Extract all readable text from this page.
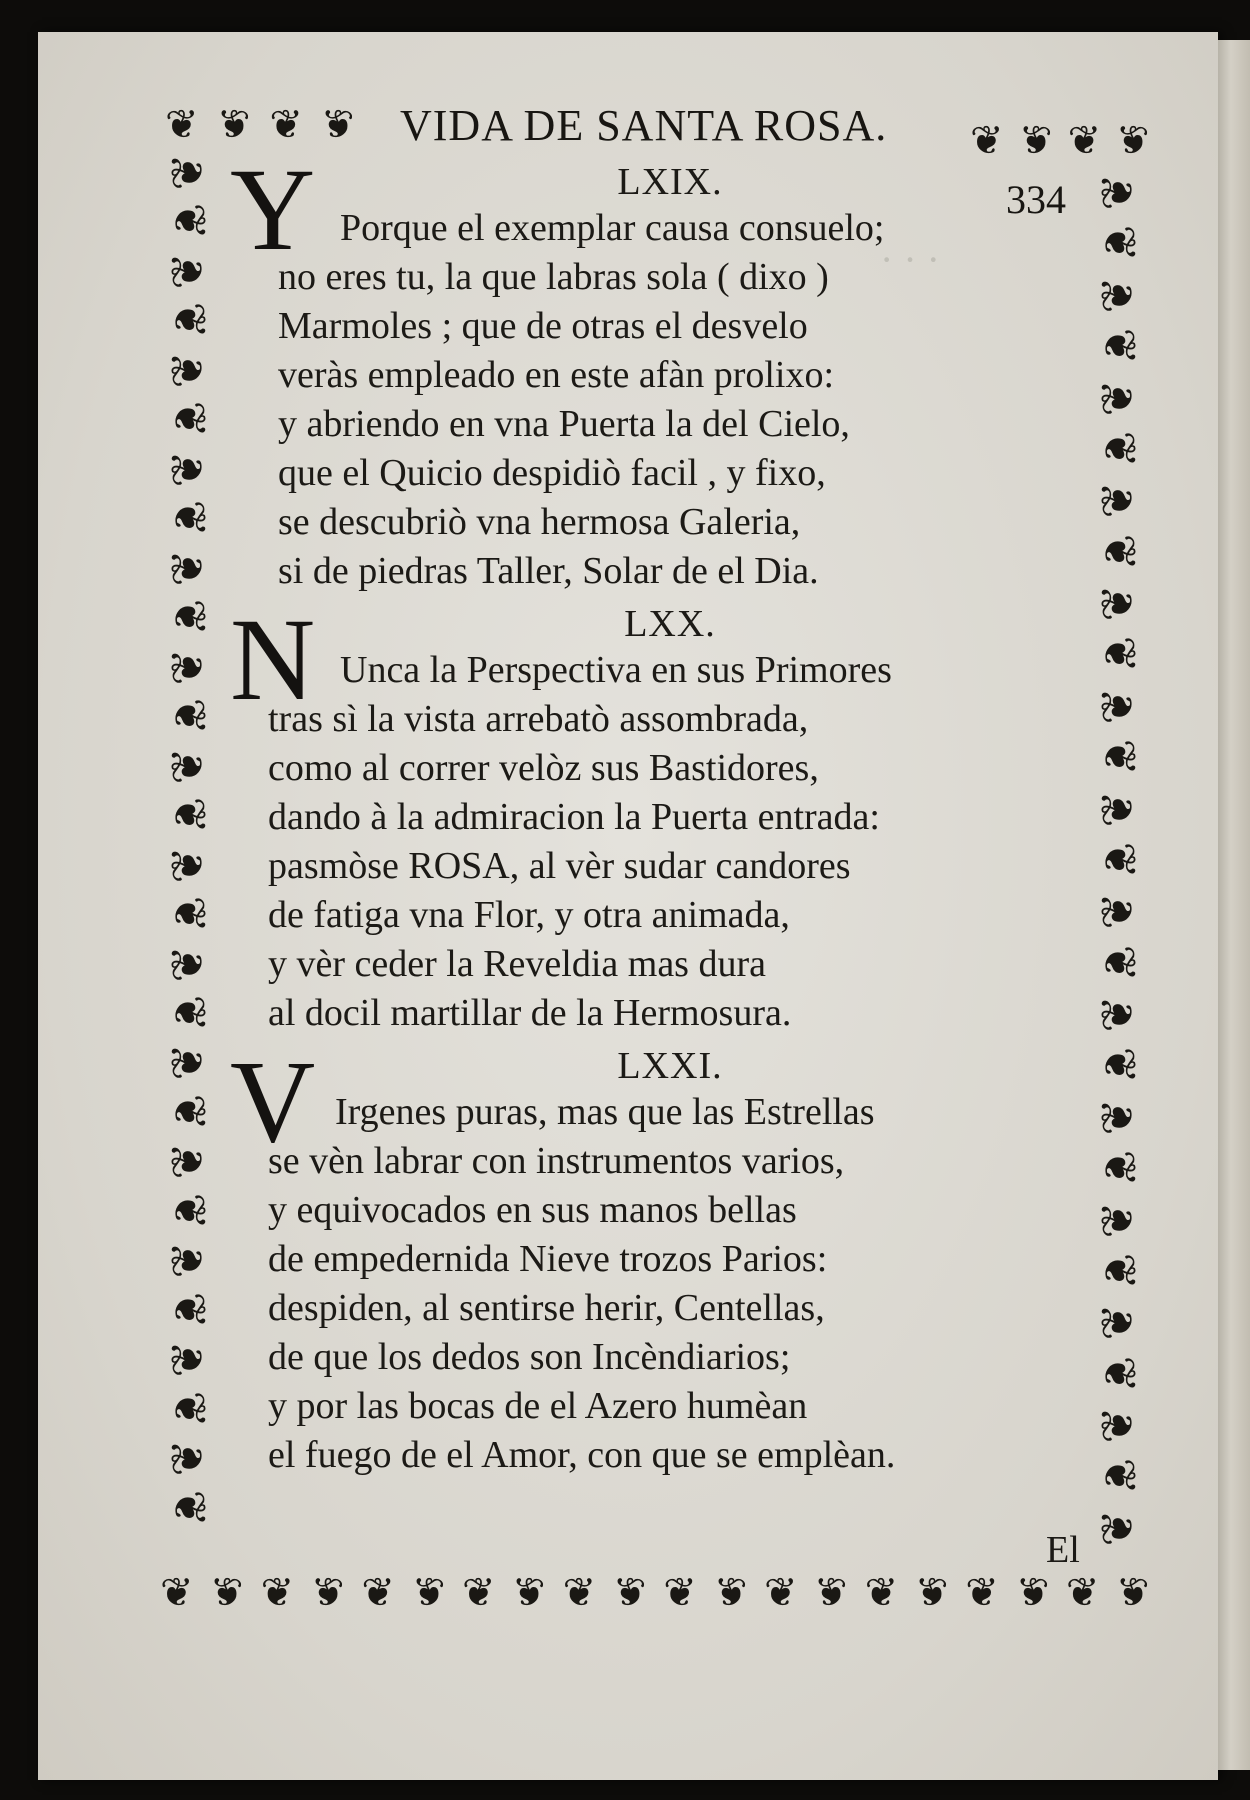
· · ·
VIDA DE SANTA ROSA.
334
❦ ❦ ❦ ❦	❦ ❦ ❦ ❦
❦
❦
❦
❦
❦
❦
❦
❦
❦
❦
❦
❦
❦
❦
❦
❦
❦
❦
❦
❦
❦
❦
❦
❦
❦
❦
❦
❦
❦
❦
❦
❦
❦
❦
❦
❦
❦
❦
❦
❦
❦
❦
❦
❦
❦
❦
❦
❦
❦
❦
❦
❦
❦
❦
❦
❦ ❦ ❦ ❦ ❦ ❦ ❦ ❦ ❦ ❦ ❦ ❦ ❦ ❦ ❦ ❦ ❦ ❦ ❦ ❦
LXIX.
Y Porque el exemplar causa consuelo;
no eres tu, la que labras sola ( dixo )
Marmoles ; que de otras el desvelo
veràs empleado en este afàn prolixo:
y abriendo en vna Puerta la del Cielo,
que el Quicio despidiò facil , y fixo,
se descubriò vna hermosa Galeria,
si de piedras Taller, Solar de el Dia.
LXX.
N Unca la Perspectiva en sus Primores
tras sì la vista arrebatò assombrada,
como al correr velòz sus Bastidores,
dando à la admiracion la Puerta entrada:
pasmòse ROSA, al vèr sudar candores
de fatiga vna Flor, y otra animada,
y vèr ceder la Reveldia mas dura
al docil martillar de la Hermosura.
LXXI.
V Irgenes puras, mas que las Estrellas
se vèn labrar con instrumentos varios,
y equivocados en sus manos bellas
de empedernida Nieve trozos Parios:
despiden, al sentirse herir, Centellas,
de que los dedos son Incèndiarios;
y por las bocas de el Azero humèan
el fuego de el Amor, con que se emplèan.
El
